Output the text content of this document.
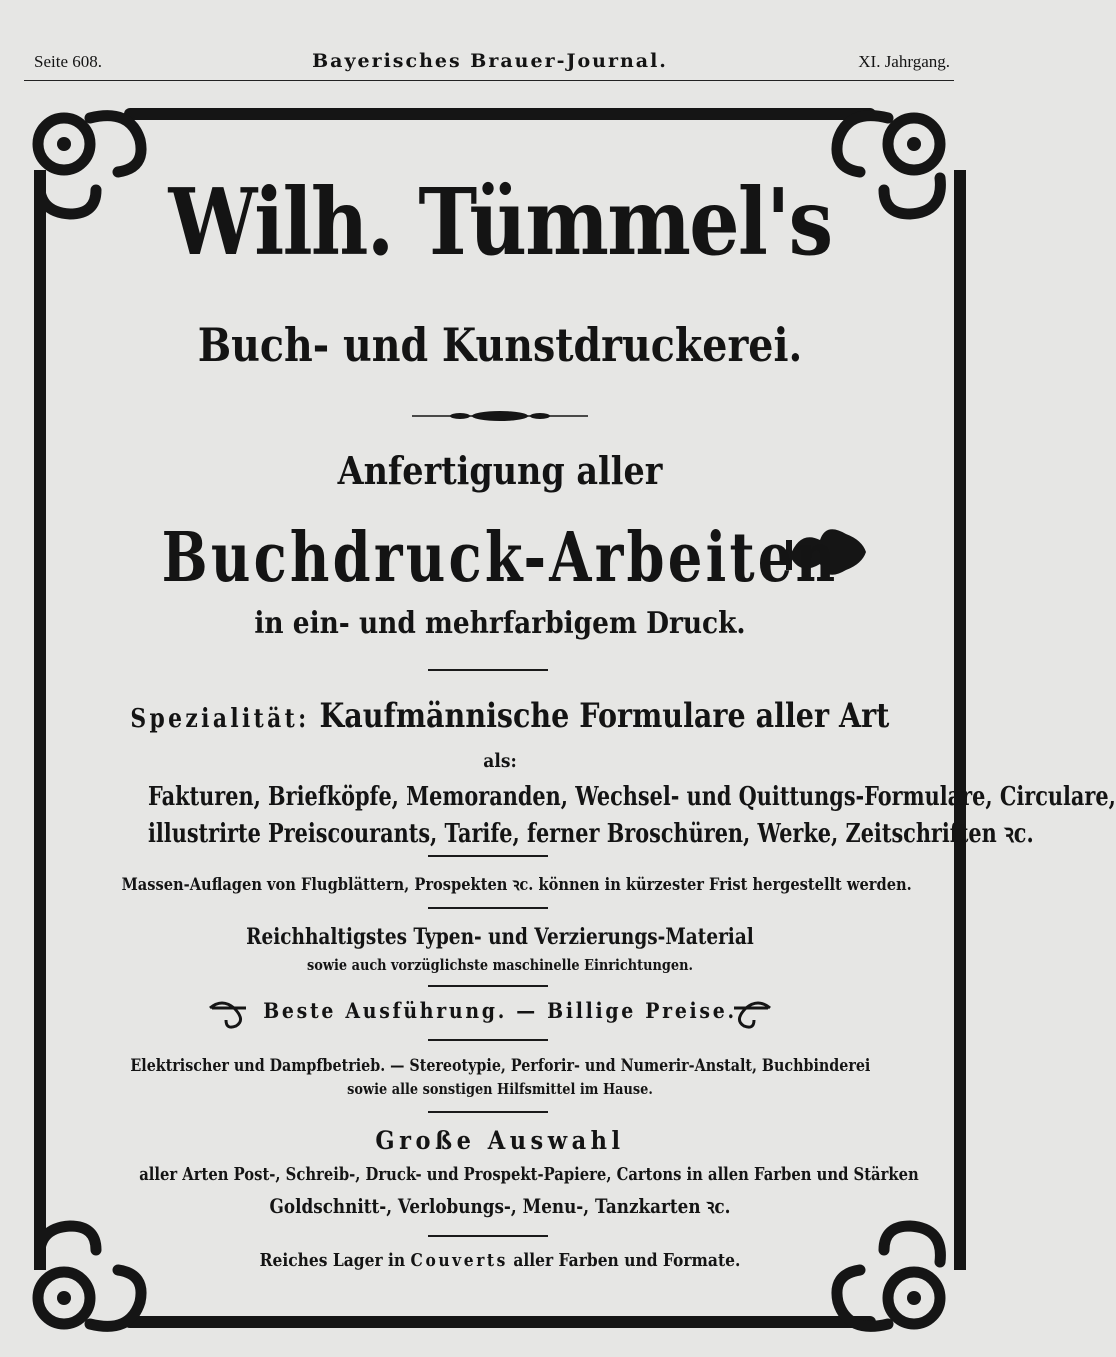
Seite 608.	Bayerisches Brauer-Journal.	XI. Jahrgang.
Wilh. Tümmel's
Buch- und Kunstdruckerei.
Anfertigung aller
Buchdruck-Arbeiten
in ein- und mehrfarbigem Druck.
Spezialität: Kaufmännische Formulare aller Art
als:
Fakturen, Briefköpfe, Memoranden, Wechsel- und Quittungs-Formulare, Circulare,
illustrirte Preiscourants, Tarife, ferner Broschüren, Werke, Zeitschriften ꝛc.
Massen-Auflagen von Flugblättern, Prospekten ꝛc. können in kürzester Frist hergestellt werden.
Reichhaltigstes Typen- und Verzierungs-Material
sowie auch vorzüglichste maschinelle Einrichtungen.
Beste Ausführung. — Billige Preise.
Elektrischer und Dampfbetrieb. — Stereotypie, Perforir- und Numerir-Anstalt, Buchbinderei
sowie alle sonstigen Hilfsmittel im Hause.
Große Auswahl
aller Arten Post-, Schreib-, Druck- und Prospekt-Papiere, Cartons in allen Farben und Stärken
Goldschnitt-, Verlobungs-, Menu-, Tanzkarten ꝛc.
Reiches Lager in Couverts aller Farben und Formate.
